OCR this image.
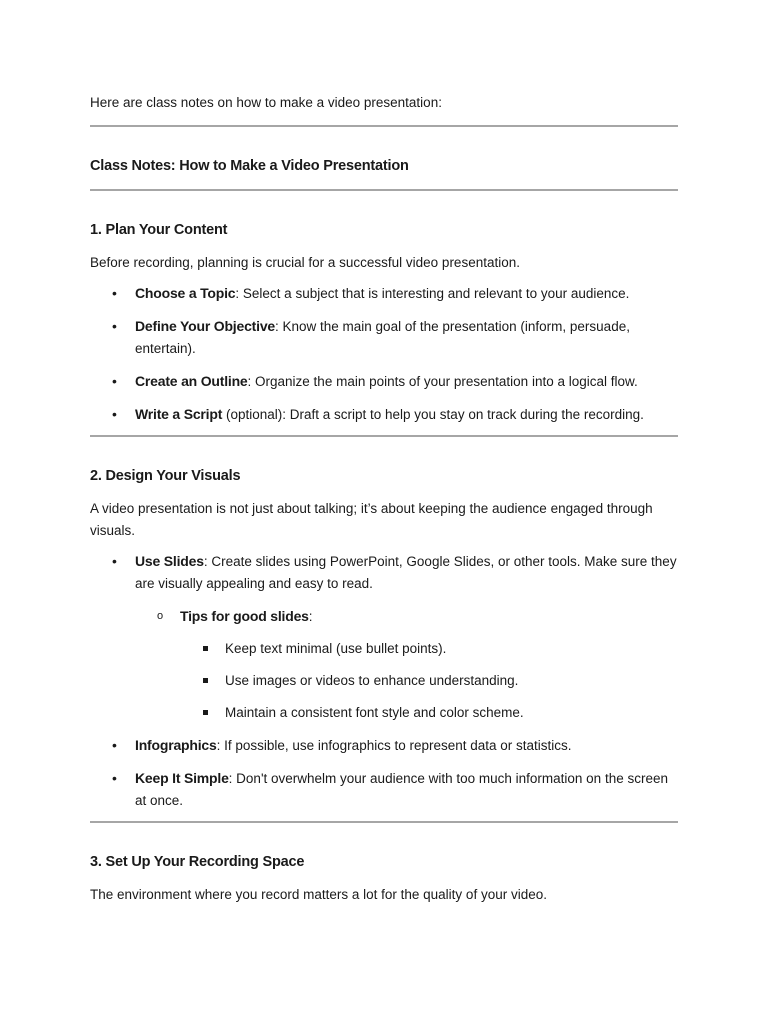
Here are class notes on how to make a video presentation:

Class Notes: How to Make a Video Presentation
1. Plan Your Content

Before recording, planning is crucial for a successful video presentation.

• Choose a Topic: Select a subject that is interesting and relevant to your audience.
• Define Your Objective: Know the main goal of the presentation (inform, persuade, entertain).
• Create an Outline: Organize the main points of your presentation into a logical flow.
• Write a Script (optional): Draft a script to help you stay on track during the recording.
2. Design Your Visuals

A video presentation is not just about talking; it’s about keeping the audience engaged through visuals.

• Use Slides: Create slides using PowerPoint, Google Slides, or other tools. Make sure they are visually appealing and easy to read.
o Tips for good slides:
Keep text minimal (use bullet points).
Use images or videos to enhance understanding.
Maintain a consistent font style and color scheme.
• Infographics: If possible, use infographics to represent data or statistics.
• Keep It Simple: Don't overwhelm your audience with too much information on the screen at once.
3. Set Up Your Recording Space

The environment where you record matters a lot for the quality of your video.
